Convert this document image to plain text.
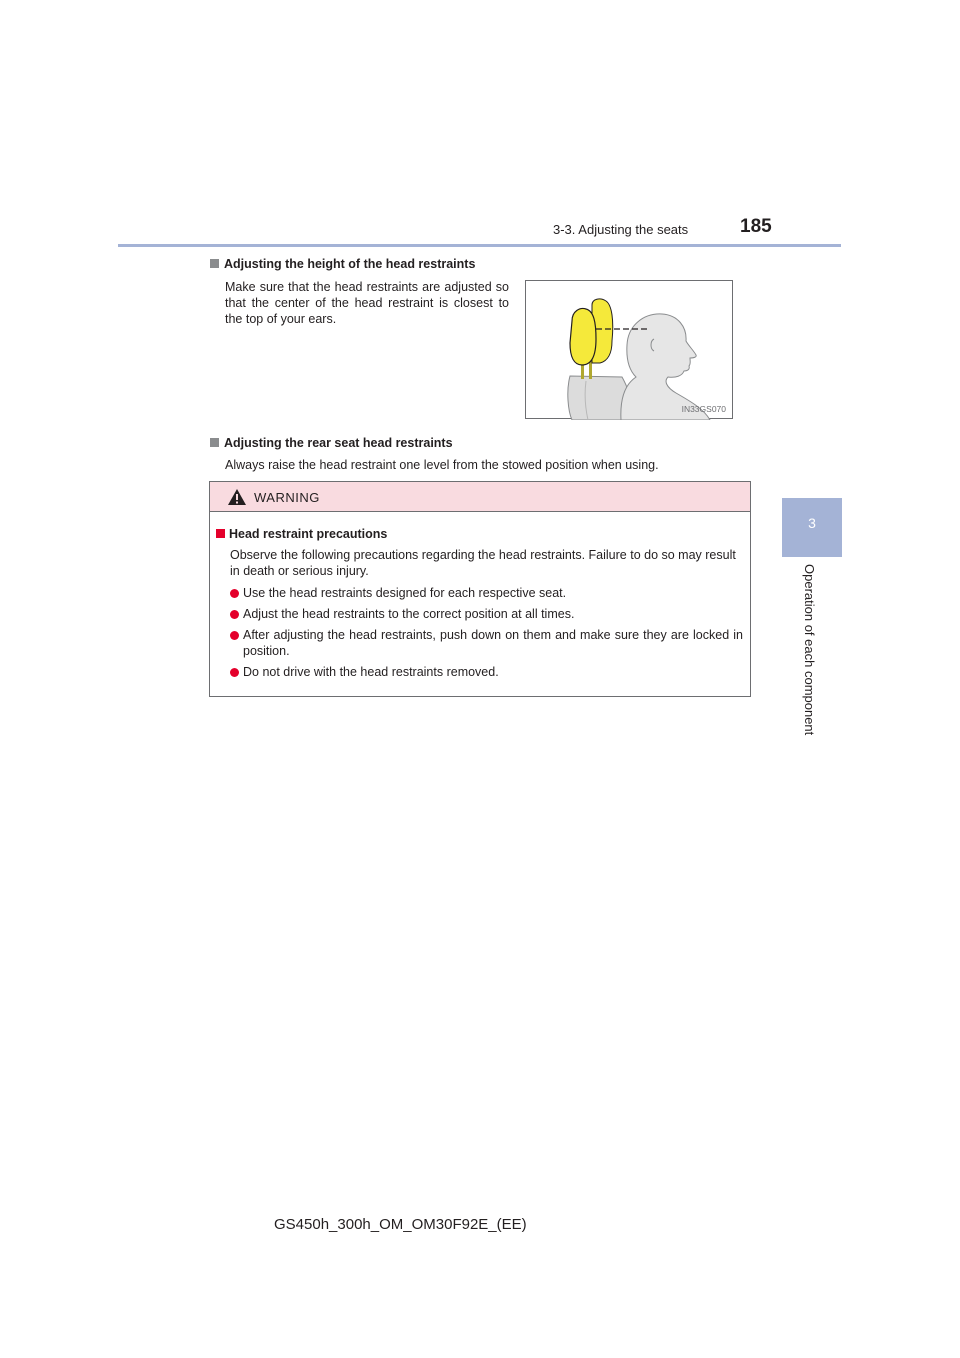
3-3. Adjusting the seats	185
3
Operation of each component
Adjusting the height of the head restraints
Make sure that the head restraints are adjusted so that the center of the head restraint is closest to the top of your ears.
IN33GS070
Adjusting the rear seat head restraints
Always raise the head restraint one level from the stowed position when using.
WARNING
Head restraint precautions
Observe the following precautions regarding the head restraints. Failure to do so may result in death or serious injury.
Use the head restraints designed for each respective seat.
Adjust the head restraints to the correct position at all times.
After adjusting the head restraints, push down on them and make sure they are locked in position.
Do not drive with the head restraints removed.
GS450h_300h_OM_OM30F92E_(EE)
